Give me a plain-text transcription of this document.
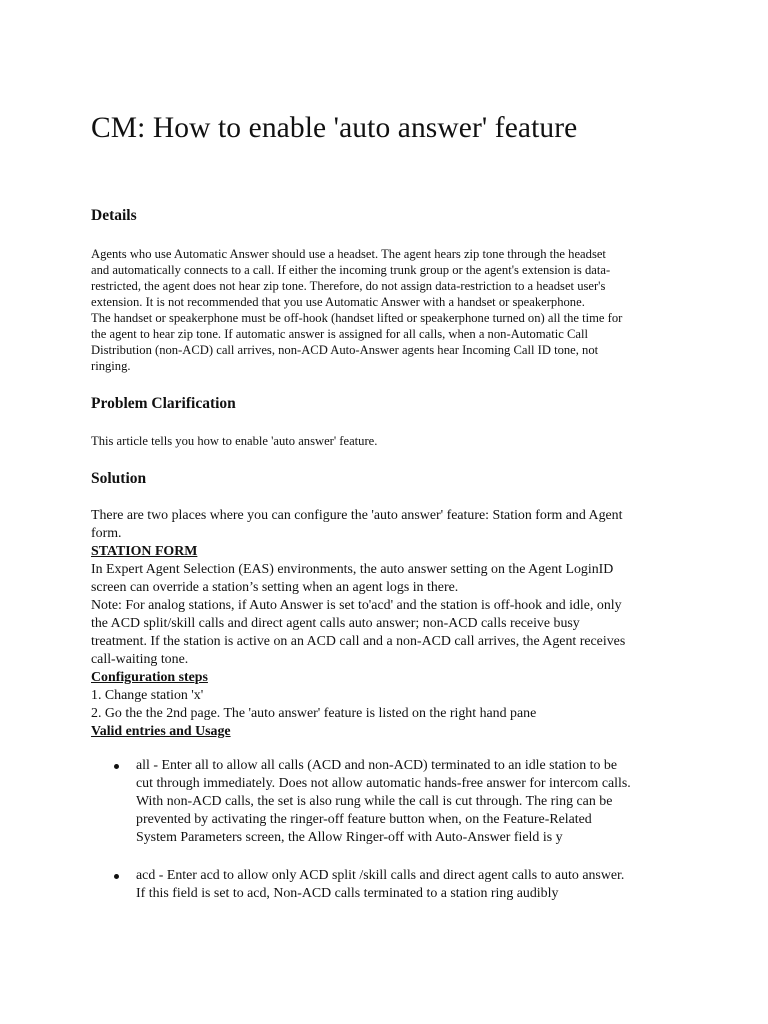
CM: How to enable 'auto answer' feature
Details
Agents who use Automatic Answer should use a headset. The agent hears zip tone through the headset
and automatically connects to a call. If either the incoming trunk group or the agent's extension is data-
restricted, the agent does not hear zip tone. Therefore, do not assign data-restriction to a headset user's
extension. It is not recommended that you use Automatic Answer with a handset or speakerphone.
The handset or speakerphone must be off-hook (handset lifted or speakerphone turned on) all the time for
the agent to hear zip tone. If automatic answer is assigned for all calls, when a non-Automatic Call
Distribution (non-ACD) call arrives, non-ACD Auto-Answer agents hear Incoming Call ID tone, not
ringing.
Problem Clarification
This article tells you how to enable 'auto answer' feature.
Solution
There are two places where you can configure the 'auto answer' feature: Station form and Agent
form.
STATION FORM
In Expert Agent Selection (EAS) environments, the auto answer setting on the Agent LoginID
screen can override a station’s setting when an agent logs in there.
Note: For analog stations, if Auto Answer is set to'acd' and the station is off-hook and idle, only
the ACD split/skill calls and direct agent calls auto answer; non-ACD calls receive busy
treatment. If the station is active on an ACD call and a non-ACD call arrives, the Agent receives
call-waiting tone.
Configuration steps
1. Change station 'x'
2. Go the the 2nd page. The 'auto answer' feature is listed on the right hand pane
Valid entries and Usage
all - Enter all to allow all calls (ACD and non-ACD) terminated to an idle station to be
cut through immediately. Does not allow automatic hands-free answer for intercom calls.
With non-ACD calls, the set is also rung while the call is cut through. The ring can be
prevented by activating the ringer-off feature button when, on the Feature-Related
System Parameters screen, the Allow Ringer-off with Auto-Answer field is y
acd - Enter acd to allow only ACD split /skill calls and direct agent calls to auto answer.
If this field is set to acd, Non-ACD calls terminated to a station ring audibly
